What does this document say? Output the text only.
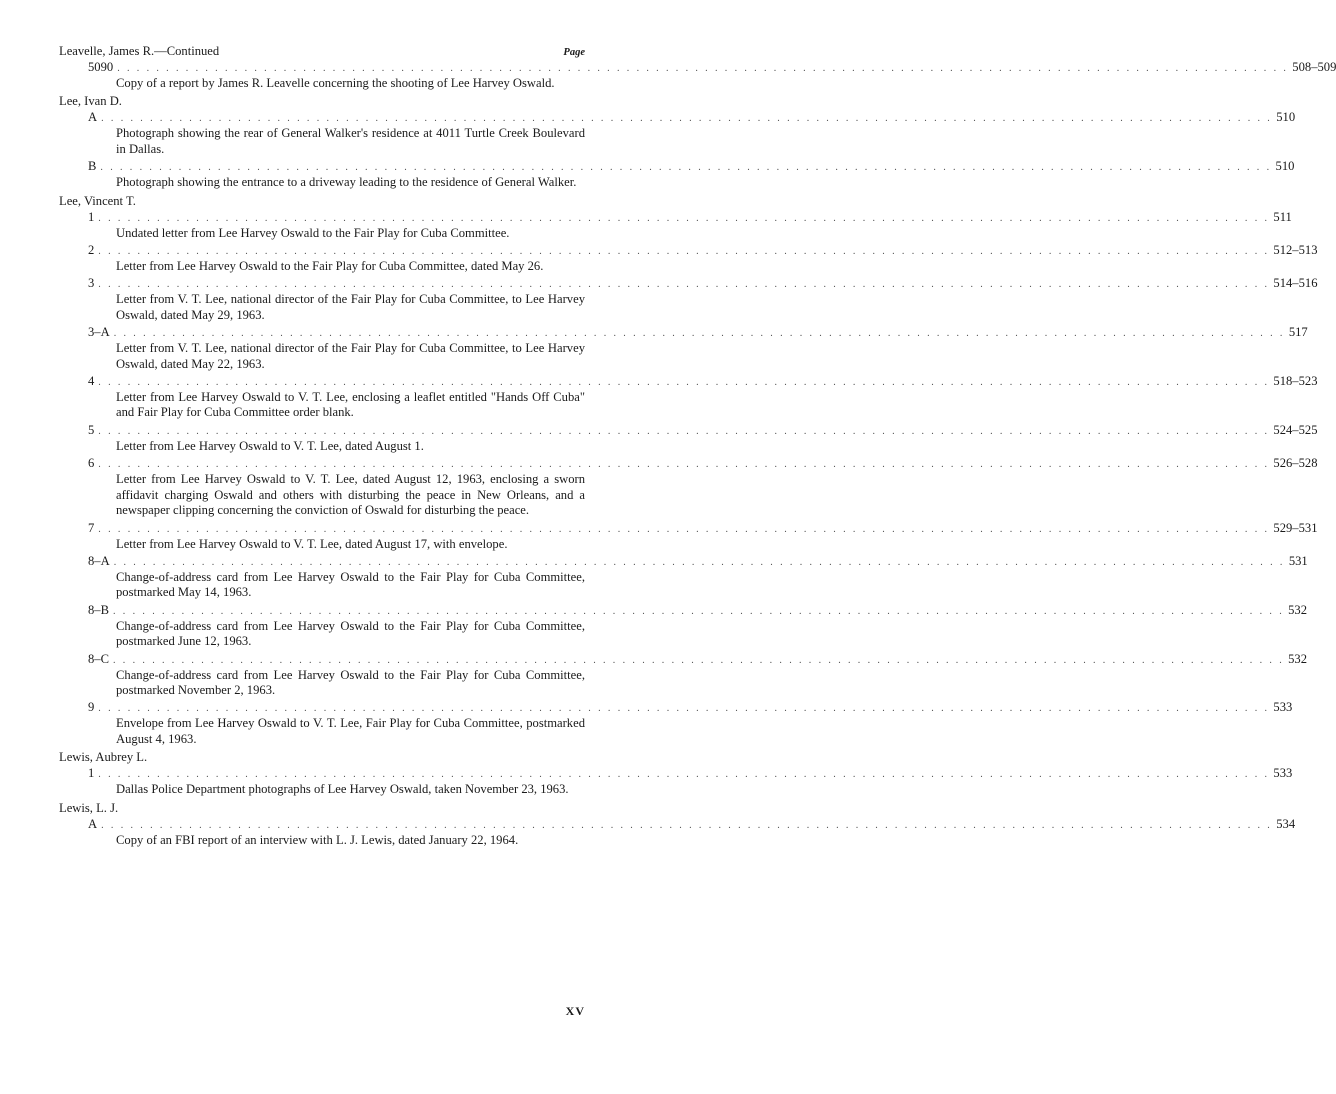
Leavelle, James R.—Continued	Page
5090 . . . . . . . . . . . . . . . . . . . . . . . . . . . . . . . . . . . . . . . . . . . . . . . . . . . . . . . . . . . . . . . . . . . . . . . . . . . . . . . . . . . . . . . . . . . . . . . . . . . . . . . . . . . . . . . . . . . . . . . . 508–509
Copy of a report by James R. Leavelle concerning the shooting of Lee Harvey Oswald.
Lee, Ivan D.
A . . . . . . . . . . . . . . . . . . . . . . . . . . . . . . . . . . . . . . . . . . . . . . . . . . . . . . . . . . . . . . . . . . . . . . . . . . . . . . . . . . . . . . . . . . . . . . . . . . . . . . . . . . . . . . . . . . . . . . . . 510
Photograph showing the rear of General Walker's residence at 4011 Turtle Creek Boulevard in Dallas.
B . . . . . . . . . . . . . . . . . . . . . . . . . . . . . . . . . . . . . . . . . . . . . . . . . . . . . . . . . . . . . . . . . . . . . . . . . . . . . . . . . . . . . . . . . . . . . . . . . . . . . . . . . . . . . . . . . . . . . . . . 510
Photograph showing the entrance to a driveway leading to the residence of General Walker.
Lee, Vincent T.
1 . . . . . . . . . . . . . . . . . . . . . . . . . . . . . . . . . . . . . . . . . . . . . . . . . . . . . . . . . . . . . . . . . . . . . . . . . . . . . . . . . . . . . . . . . . . . . . . . . . . . . . . . . . . . . . . . . . . . . . . . 511
Undated letter from Lee Harvey Oswald to the Fair Play for Cuba Committee.
2 . . . . . . . . . . . . . . . . . . . . . . . . . . . . . . . . . . . . . . . . . . . . . . . . . . . . . . . . . . . . . . . . . . . . . . . . . . . . . . . . . . . . . . . . . . . . . . . . . . . . . . . . . . . . . . . . . . . . . . . . 512–513
Letter from Lee Harvey Oswald to the Fair Play for Cuba Committee, dated May 26.
3 . . . . . . . . . . . . . . . . . . . . . . . . . . . . . . . . . . . . . . . . . . . . . . . . . . . . . . . . . . . . . . . . . . . . . . . . . . . . . . . . . . . . . . . . . . . . . . . . . . . . . . . . . . . . . . . . . . . . . . . . 514–516
Letter from V. T. Lee, national director of the Fair Play for Cuba Committee, to Lee Harvey Oswald, dated May 29, 1963.
3–A . . . . . . . . . . . . . . . . . . . . . . . . . . . . . . . . . . . . . . . . . . . . . . . . . . . . . . . . . . . . . . . . . . . . . . . . . . . . . . . . . . . . . . . . . . . . . . . . . . . . . . . . . . . . . . . . . . . . . . . . 517
Letter from V. T. Lee, national director of the Fair Play for Cuba Committee, to Lee Harvey Oswald, dated May 22, 1963.
4 . . . . . . . . . . . . . . . . . . . . . . . . . . . . . . . . . . . . . . . . . . . . . . . . . . . . . . . . . . . . . . . . . . . . . . . . . . . . . . . . . . . . . . . . . . . . . . . . . . . . . . . . . . . . . . . . . . . . . . . . 518–523
Letter from Lee Harvey Oswald to V. T. Lee, enclosing a leaflet entitled "Hands Off Cuba" and Fair Play for Cuba Committee order blank.
5 . . . . . . . . . . . . . . . . . . . . . . . . . . . . . . . . . . . . . . . . . . . . . . . . . . . . . . . . . . . . . . . . . . . . . . . . . . . . . . . . . . . . . . . . . . . . . . . . . . . . . . . . . . . . . . . . . . . . . . . . 524–525
Letter from Lee Harvey Oswald to V. T. Lee, dated August 1.
6 . . . . . . . . . . . . . . . . . . . . . . . . . . . . . . . . . . . . . . . . . . . . . . . . . . . . . . . . . . . . . . . . . . . . . . . . . . . . . . . . . . . . . . . . . . . . . . . . . . . . . . . . . . . . . . . . . . . . . . . . 526–528
Letter from Lee Harvey Oswald to V. T. Lee, dated August 12, 1963, enclosing a sworn affidavit charging Oswald and others with disturbing the peace in New Orleans, and a newspaper clipping concerning the conviction of Oswald for disturbing the peace.
7 . . . . . . . . . . . . . . . . . . . . . . . . . . . . . . . . . . . . . . . . . . . . . . . . . . . . . . . . . . . . . . . . . . . . . . . . . . . . . . . . . . . . . . . . . . . . . . . . . . . . . . . . . . . . . . . . . . . . . . . . 529–531
Letter from Lee Harvey Oswald to V. T. Lee, dated August 17, with envelope.
8–A . . . . . . . . . . . . . . . . . . . . . . . . . . . . . . . . . . . . . . . . . . . . . . . . . . . . . . . . . . . . . . . . . . . . . . . . . . . . . . . . . . . . . . . . . . . . . . . . . . . . . . . . . . . . . . . . . . . . . . . . 531
Change-of-address card from Lee Harvey Oswald to the Fair Play for Cuba Committee, postmarked May 14, 1963.
8–B . . . . . . . . . . . . . . . . . . . . . . . . . . . . . . . . . . . . . . . . . . . . . . . . . . . . . . . . . . . . . . . . . . . . . . . . . . . . . . . . . . . . . . . . . . . . . . . . . . . . . . . . . . . . . . . . . . . . . . . . 532
Change-of-address card from Lee Harvey Oswald to the Fair Play for Cuba Committee, postmarked June 12, 1963.
8–C . . . . . . . . . . . . . . . . . . . . . . . . . . . . . . . . . . . . . . . . . . . . . . . . . . . . . . . . . . . . . . . . . . . . . . . . . . . . . . . . . . . . . . . . . . . . . . . . . . . . . . . . . . . . . . . . . . . . . . . . 532
Change-of-address card from Lee Harvey Oswald to the Fair Play for Cuba Committee, postmarked November 2, 1963.
9 . . . . . . . . . . . . . . . . . . . . . . . . . . . . . . . . . . . . . . . . . . . . . . . . . . . . . . . . . . . . . . . . . . . . . . . . . . . . . . . . . . . . . . . . . . . . . . . . . . . . . . . . . . . . . . . . . . . . . . . . 533
Envelope from Lee Harvey Oswald to V. T. Lee, Fair Play for Cuba Committee, postmarked August 4, 1963.
Lewis, Aubrey L.
1 . . . . . . . . . . . . . . . . . . . . . . . . . . . . . . . . . . . . . . . . . . . . . . . . . . . . . . . . . . . . . . . . . . . . . . . . . . . . . . . . . . . . . . . . . . . . . . . . . . . . . . . . . . . . . . . . . . . . . . . . 533
Dallas Police Department photographs of Lee Harvey Oswald, taken November 23, 1963.
Lewis, L. J.
A . . . . . . . . . . . . . . . . . . . . . . . . . . . . . . . . . . . . . . . . . . . . . . . . . . . . . . . . . . . . . . . . . . . . . . . . . . . . . . . . . . . . . . . . . . . . . . . . . . . . . . . . . . . . . . . . . . . . . . . . 534
Copy of an FBI report of an interview with L. J. Lewis, dated January 22, 1964.
XV
